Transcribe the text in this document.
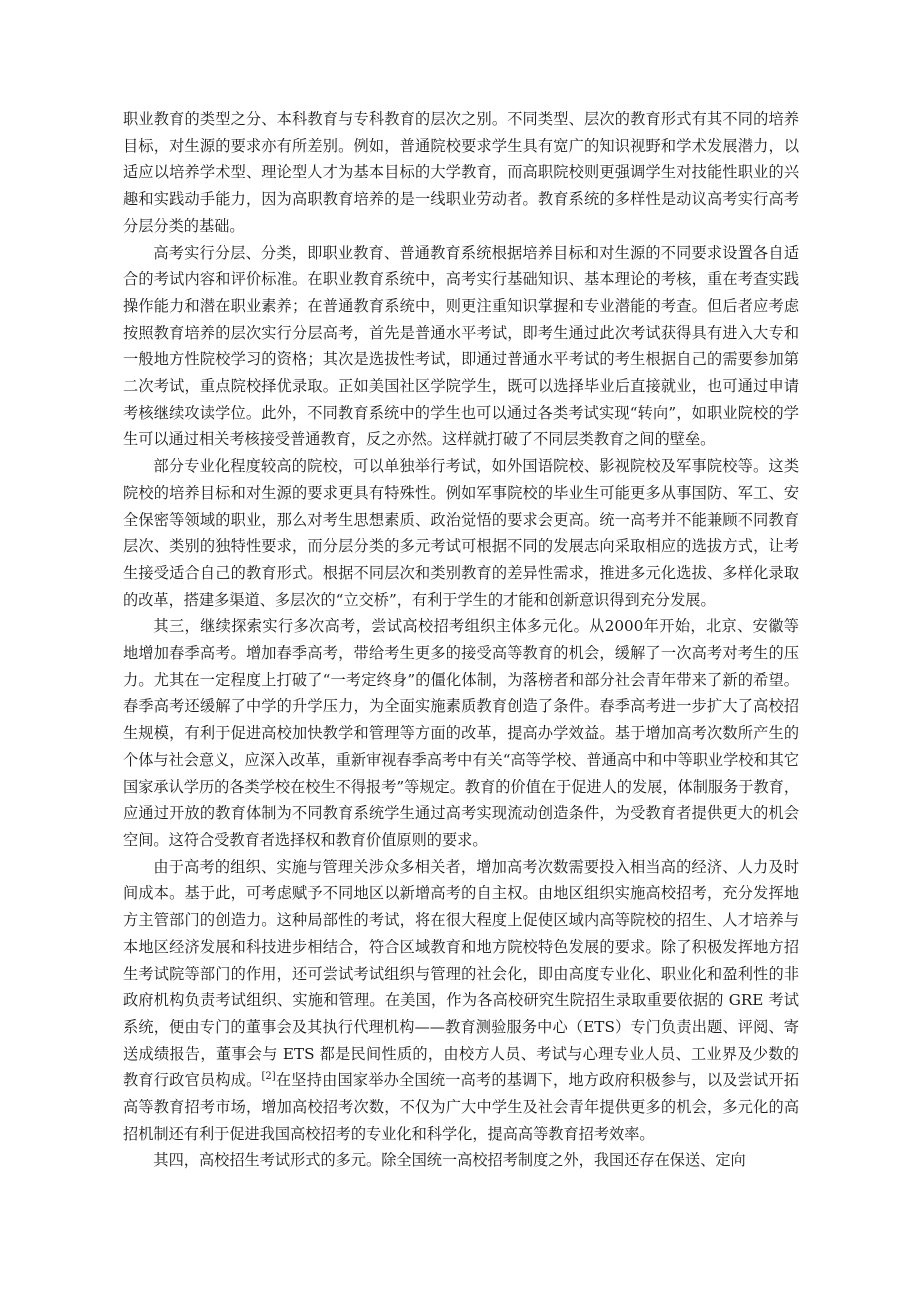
职业教育的类型之分、本科教育与专科教育的层次之别。不同类型、层次的教育形式有其不同的培养目标，对生源的要求亦有所差别。例如，普通院校要求学生具有宽广的知识视野和学术发展潜力，以适应以培养学术型、理论型人才为基本目标的大学教育，而高职院校则更强调学生对技能性职业的兴趣和实践动手能力，因为高职教育培养的是一线职业劳动者。教育系统的多样性是动议高考实行高考分层分类的基础。

高考实行分层、分类，即职业教育、普通教育系统根据培养目标和对生源的不同要求设置各自适合的考试内容和评价标准。在职业教育系统中，高考实行基础知识、基本理论的考核，重在考查实践操作能力和潜在职业素养；在普通教育系统中，则更注重知识掌握和专业潜能的考查。但后者应考虑按照教育培养的层次实行分层高考，首先是普通水平考试，即考生通过此次考试获得具有进入大专和一般地方性院校学习的资格；其次是选拔性考试，即通过普通水平考试的考生根据自己的需要参加第二次考试，重点院校择优录取。正如美国社区学院学生，既可以选择毕业后直接就业，也可通过申请考核继续攻读学位。此外，不同教育系统中的学生也可以通过各类考试实现“转向”，如职业院校的学生可以通过相关考核接受普通教育，反之亦然。这样就打破了不同层类教育之间的壁垒。

部分专业化程度较高的院校，可以单独举行考试，如外国语院校、影视院校及军事院校等。这类院校的培养目标和对生源的要求更具有特殊性。例如军事院校的毕业生可能更多从事国防、军工、安全保密等领域的职业，那么对考生思想素质、政治觉悟的要求会更高。统一高考并不能兼顾不同教育层次、类别的独特性要求，而分层分类的多元考试可根据不同的发展志向采取相应的选拔方式，让考生接受适合自己的教育形式。根据不同层次和类别教育的差异性需求，推进多元化选拔、多样化录取的改革，搭建多渠道、多层次的“立交桥”，有利于学生的才能和创新意识得到充分发展。

其三，继续探索实行多次高考，尝试高校招考组织主体多元化。从2000年开始，北京、安徽等地增加春季高考。增加春季高考，带给考生更多的接受高等教育的机会，缓解了一次高考对考生的压力。尤其在一定程度上打破了“一考定终身”的僵化体制，为落榜者和部分社会青年带来了新的希望。春季高考还缓解了中学的升学压力，为全面实施素质教育创造了条件。春季高考进一步扩大了高校招生规模，有利于促进高校加快教学和管理等方面的改革，提高办学效益。基于增加高考次数所产生的个体与社会意义，应深入改革，重新审视春季高考中有关“高等学校、普通高中和中等职业学校和其它国家承认学历的各类学校在校生不得报考”等规定。教育的价值在于促进人的发展，体制服务于教育，应通过开放的教育体制为不同教育系统学生通过高考实现流动创造条件，为受教育者提供更大的机会空间。这符合受教育者选择权和教育价值原则的要求。

由于高考的组织、实施与管理关涉众多相关者，增加高考次数需要投入相当高的经济、人力及时间成本。基于此，可考虑赋予不同地区以新增高考的自主权。由地区组织实施高校招考，充分发挥地方主管部门的创造力。这种局部性的考试，将在很大程度上促使区域内高等院校的招生、人才培养与本地区经济发展和科技进步相结合，符合区域教育和地方院校特色发展的要求。除了积极发挥地方招生考试院等部门的作用，还可尝试考试组织与管理的社会化，即由高度专业化、职业化和盈利性的非政府机构负责考试组织、实施和管理。在美国，作为各高校研究生院招生录取重要依据的 GRE 考试系统，便由专门的董事会及其执行代理机构——教育测验服务中心（ETS）专门负责出题、评阅、寄送成绩报告，董事会与 ETS 都是民间性质的，由校方人员、考试与心理专业人员、工业界及少数的教育行政官员构成。[2]在坚持由国家举办全国统一高考的基调下，地方政府积极参与，以及尝试开拓高等教育招考市场，增加高校招考次数，不仅为广大中学生及社会青年提供更多的机会，多元化的高招机制还有利于促进我国高校招考的专业化和科学化，提高高等教育招考效率。

其四，高校招生考试形式的多元。除全国统一高校招考制度之外，我国还存在保送、定向
